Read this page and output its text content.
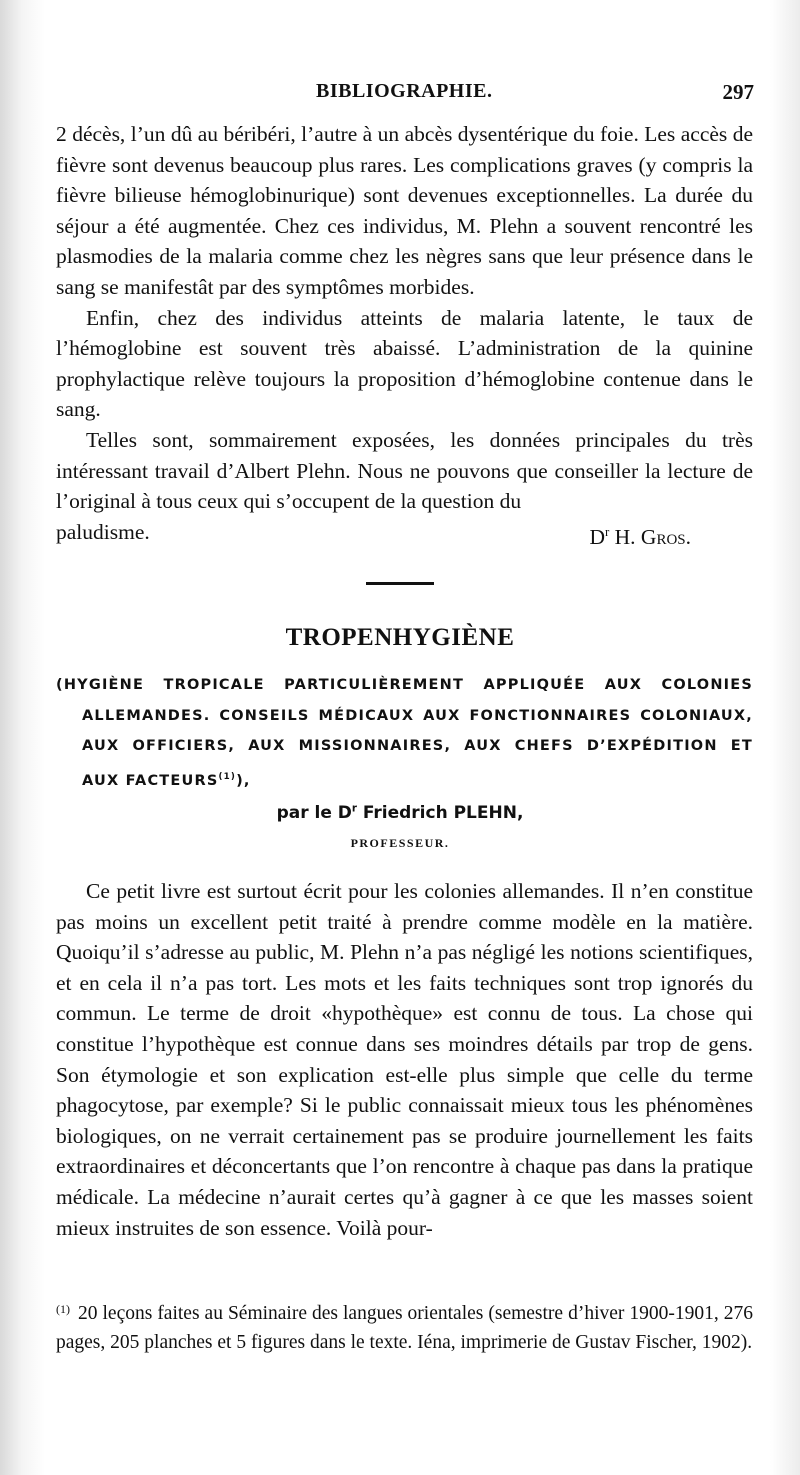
BIBLIOGRAPHIE.	297

2 décès, l’un dû au béribéri, l’autre à un abcès dysentérique du foie. Les accès de fièvre sont devenus beaucoup plus rares. Les complications graves (y compris la fièvre bilieuse hémoglobinurique) sont devenues exceptionnelles. La durée du séjour a été augmentée. Chez ces individus, M. Plehn a souvent rencontré les plasmodies de la malaria comme chez les nègres sans que leur présence dans le sang se manifestât par des symptômes morbides.

Enfin, chez des individus atteints de malaria latente, le taux de l’hémoglobine est souvent très abaissé. L’administration de la quinine prophylactique relève toujours la proposition d’hémoglobine contenue dans le sang.

Telles sont, sommairement exposées, les données principales du très intéressant travail d’Albert Plehn. Nous ne pouvons que conseiller la lecture de l’original à tous ceux qui s’occupent de la question du

paludisme.	$D^r$ H. Gros.
TROPENHYGIÈNE
(HYGIÈNE TROPICALE PARTICULIÈREMENT APPLIQUÉE AUX COLONIES
ALLEMANDES. CONSEILS MÉDICAUX AUX FONCTIONNAIRES COLONIAUX,
AUX OFFICIERS, AUX MISSIONNAIRES, AUX CHEFS D’EXPÉDITION ET
AUX FACTEURS$^{(1)}$),
par le $D^r$ Friedrich PLEHN,
PROFESSEUR.

Ce petit livre est surtout écrit pour les colonies allemandes. Il n’en constitue pas moins un excellent petit traité à prendre comme modèle en la matière. Quoiqu’il s’adresse au public, M. Plehn n’a pas négligé les notions scientifiques, et en cela il n’a pas tort. Les mots et les faits techniques sont trop ignorés du commun. Le terme de droit «hypothèque» est connu de tous. La chose qui constitue l’hypothèque est connue dans ses moindres détails par trop de gens. Son étymologie et son explication est-elle plus simple que celle du terme phagocytose, par exemple? Si le public connaissait mieux tous les phénomènes biologiques, on ne verrait certainement pas se produire journellement les faits extraordinaires et déconcertants que l’on rencontre à chaque pas dans la pratique médicale. La médecine n’aurait certes qu’à gagner à ce que les masses soient mieux instruites de son essence. Voilà pour-

$^{(1)}$ 20 leçons faites au Séminaire des langues orientales (semestre d’hiver 1900-1901, 276 pages, 205 planches et 5 figures dans le texte. Iéna, imprimerie de Gustav Fischer, 1902).
